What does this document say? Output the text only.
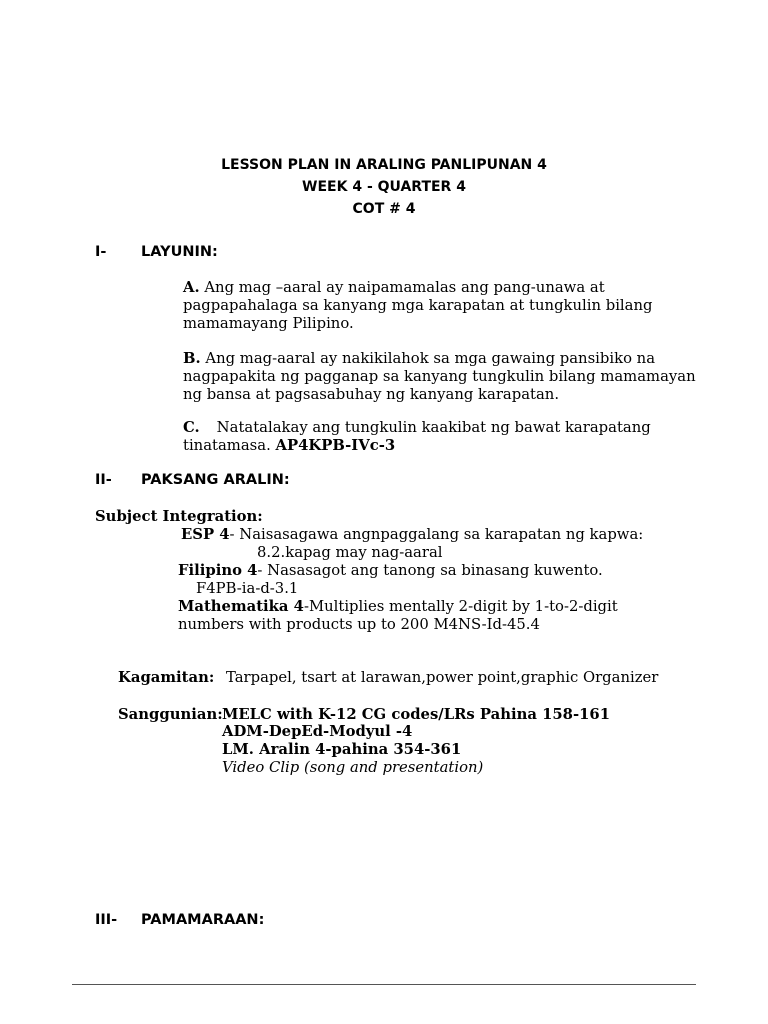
LESSON PLAN IN ARALING PANLIPUNAN 4
WEEK 4 - QUARTER 4
COT # 4
I- LAYUNIN:
A. Ang mag –aaral ay naipamamalas ang pang-unawa at
pagpapahalaga sa kanyang mga karapatan at tungkulin bilang
mamamayang Pilipino.
B. Ang mag-aaral ay nakikilahok sa mga gawaing pansibiko na
nagpapakita ng pagganap sa kanyang tungkulin bilang mamamayan
ng bansa at pagsasabuhay ng kanyang karapatan.
C. Natatalakay ang tungkulin kaakibat ng bawat karapatang
tinatamasa. AP4KPB-IVc-3
II- PAKSANG ARALIN:
Subject Integration:
ESP 4- Naisasagawa angnpaggalang sa karapatan ng kapwa:
8.2.kapag may nag-aaral
Filipino 4- Nasasagot ang tanong sa binasang kuwento.
F4PB-ia-d-3.1
Mathematika 4-Multiplies mentally 2-digit by 1-to-2-digit
numbers with products up to 200 M4NS-Id-45.4
Kagamitan: Tarpapel, tsart at larawan,power point,graphic Organizer
Sanggunian: MELC with K-12 CG codes/LRs Pahina 158-161
ADM-DepEd-Modyul -4
LM. Aralin 4-pahina 354-361
Video Clip (song and presentation)
III- PAMAMARAAN:
